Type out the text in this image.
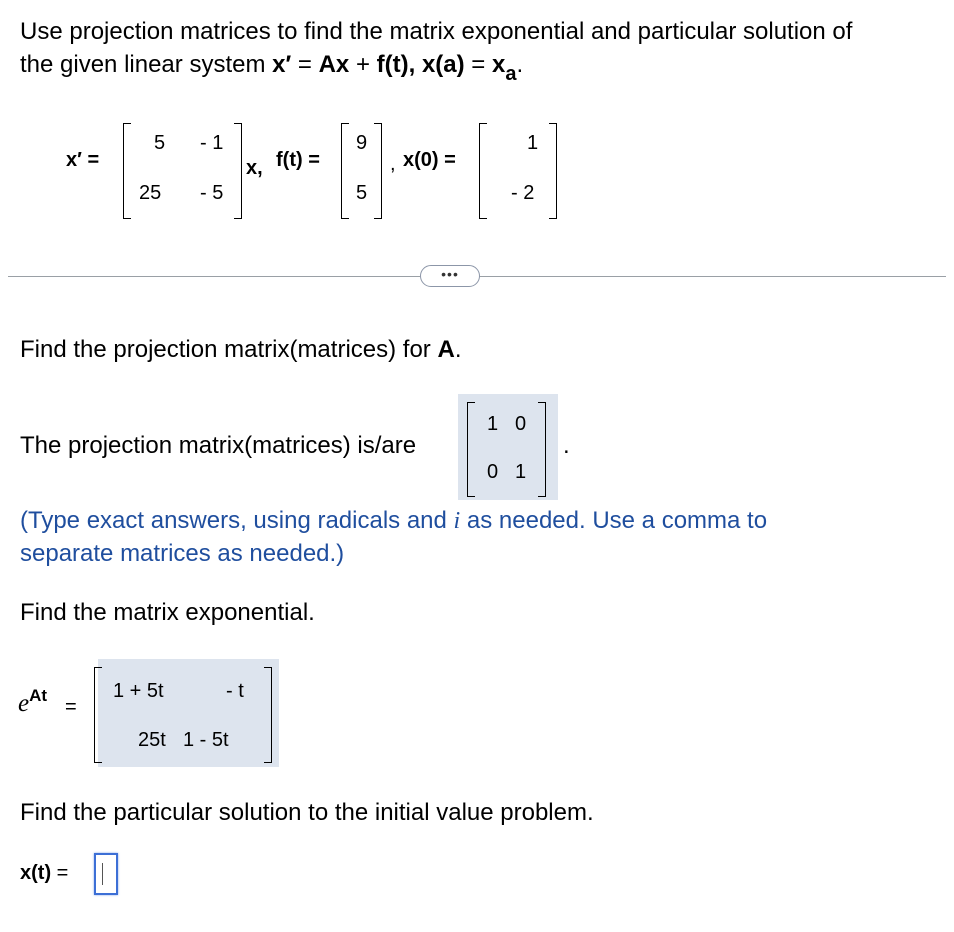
Use projection matrices to find the matrix exponential and particular solution of
the given linear system x′ = Ax + f(t), $x(a) = x_a$.
x′ =
5 - 1
25 - 5
x, f(t) =
9
5
, x(0) =
1
- 2
•••
Find the projection matrix(matrices) for A.
The projection matrix(matrices) is/are
1 0
0 1
.
(Type exact answers, using radicals and i as needed. Use a comma to
separate matrices as needed.)
Find the matrix exponential.
$e^{At}$
=
1 + 5t	- t
25t 1 - 5t
Find the particular solution to the initial value problem.
x(t) =
